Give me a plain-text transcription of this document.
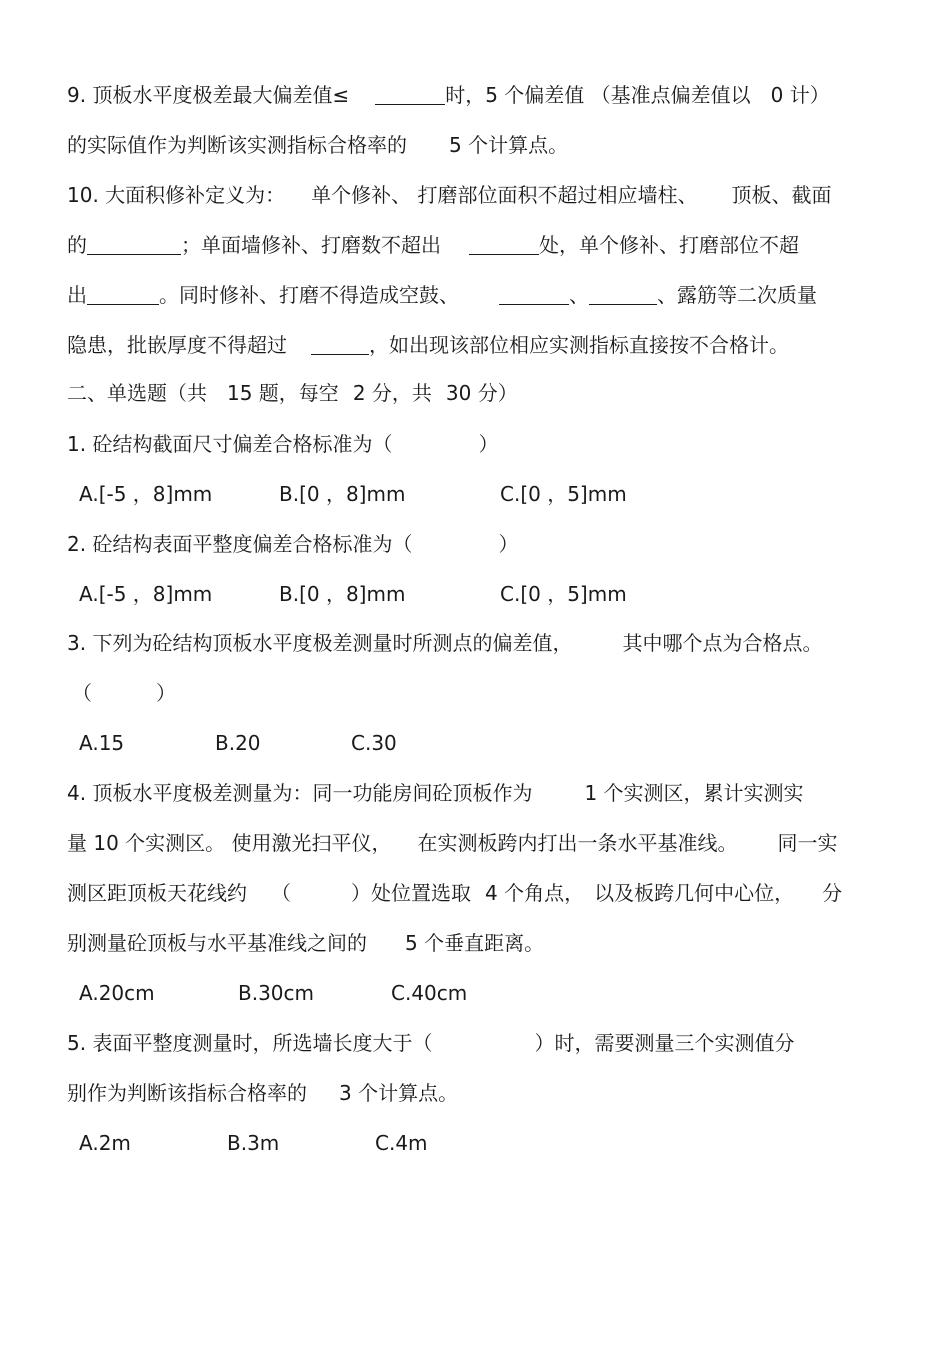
9. 顶板水平度极差最大偏差值≤	时，5 个偏差值 （基准点偏差值以 0 计）
的实际值作为判断该实测指标合格率的 5 个计算点。
10. 大面积修补定义为： 单个修补、 打磨部位面积不超过相应墙柱、 顶板、截面
的	；单面墙修补、打磨数不超出	处，单个修补、打磨部位不超
出	。同时修补、打磨不得造成空鼓、	、	、露筋等二次质量
隐患，批嵌厚度不得超过	，如出现该部位相应实测指标直接按不合格计。
二、单选题（共 15 题，每空 2 分，共 30 分）
1. 砼结构截面尺寸偏差合格标准为（	）
A.[-5 ，8]mm	B.[0 ，8]mm	C.[0 ，5]mm
2. 砼结构表面平整度偏差合格标准为（	）
A.[-5 ，8]mm	B.[0 ，8]mm	C.[0 ，5]mm
3. 下列为砼结构顶板水平度极差测量时所测点的偏差值，	其中哪个点为合格点。
（	）
A.15	B.20	C.30
4. 顶板水平度极差测量为：同一功能房间砼顶板作为	1 个实测区，累计实测实
量 10 个实测区。 使用激光扫平仪， 在实测板跨内打出一条水平基准线。 同一实
测区距顶板天花线约 （	）处位置选取 4 个角点， 以及板跨几何中心位， 分
别测量砼顶板与水平基准线之间的 5 个垂直距离。
A.20cm	B.30cm	C.40cm
5. 表面平整度测量时，所选墙长度大于（	）时，需要测量三个实测值分
别作为判断该指标合格率的 3 个计算点。
A.2m	B.3m	C.4m
